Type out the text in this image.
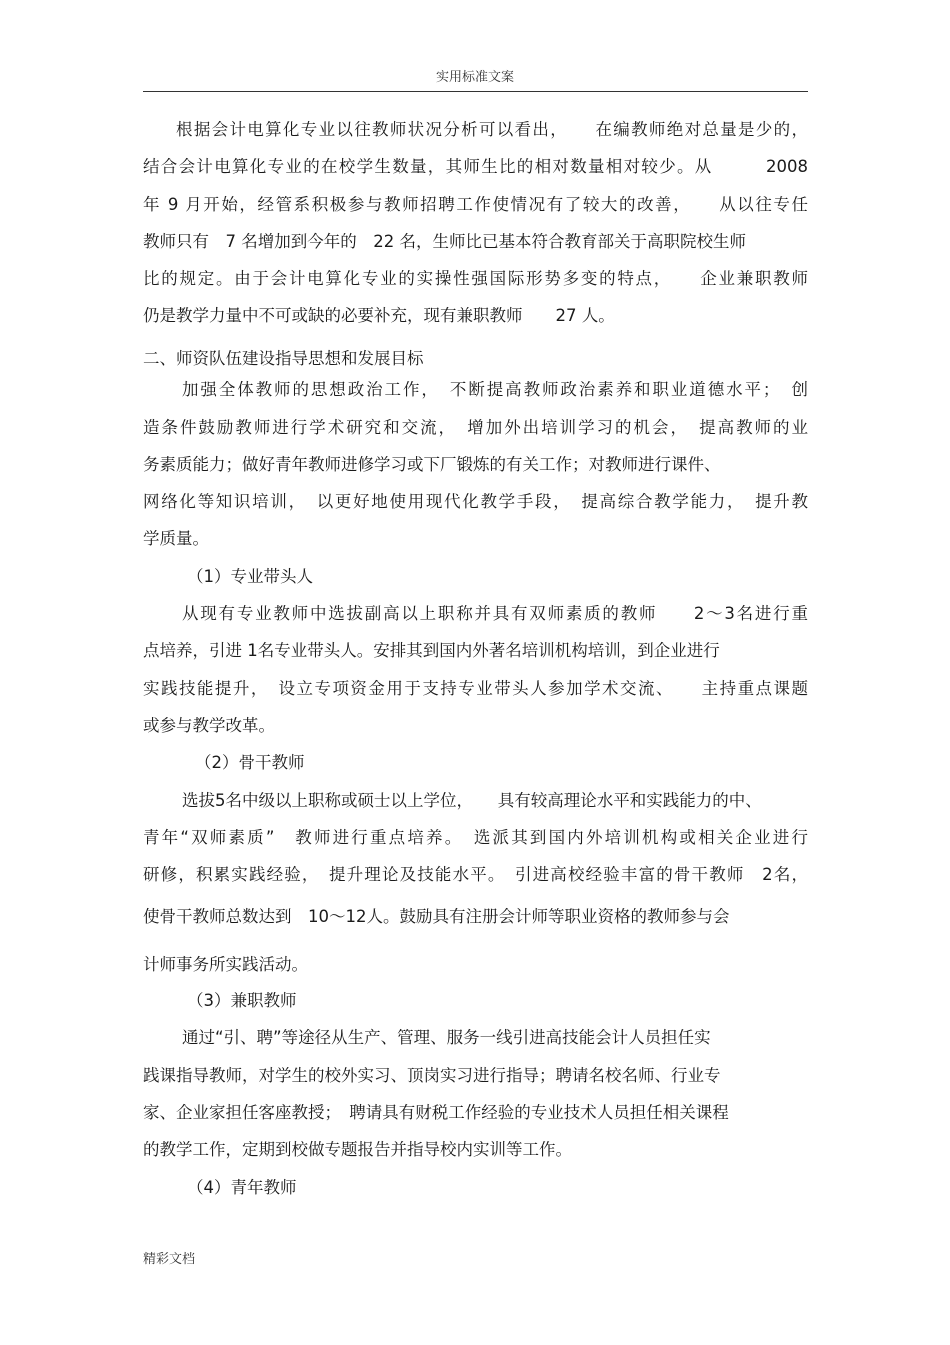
实用标准文案
根据会计电算化专业以往教师状况分析可以看出，　　在编教师绝对总量是少的，
结合会计电算化专业的在校学生数量，其师生比的相对数量相对较少。从　　　2008
年 9 月开始，经管系积极参与教师招聘工作使情况有了较大的改善，　　从以往专任
教师只有　7 名增加到今年的　22 名，生师比已基本符合教育部关于高职院校生师
比的规定。由于会计电算化专业的实操性强国际形势多变的特点，　　企业兼职教师
仍是教学力量中不可或缺的必要补充，现有兼职教师　　27 人。
二、师资队伍建设指导思想和发展目标
加强全体教师的思想政治工作，　不断提高教师政治素养和职业道德水平；　创
造条件鼓励教师进行学术研究和交流，　增加外出培训学习的机会，　提高教师的业
务素质能力；做好青年教师进修学习或下厂锻炼的有关工作；对教师进行课件、
网络化等知识培训，　以更好地使用现代化教学手段，　提高综合教学能力，　提升教
学质量。
（1）专业带头人
从现有专业教师中选拔副高以上职称并具有双师素质的教师　　2～3名进行重
点培养，引进 1名专业带头人。安排其到国内外著名培训机构培训，到企业进行
实践技能提升，　设立专项资金用于支持专业带头人参加学术交流、　　主持重点课题
或参与教学改革。
（2）骨干教师
选拔5名中级以上职称或硕士以上学位，　　具有较高理论水平和实践能力的中、
青年“双师素质”　教师进行重点培养。　选派其到国内外培训机构或相关企业进行
研修，积累实践经验，　提升理论及技能水平。　引进高校经验丰富的骨干教师　2名，
使骨干教师总数达到　10～12人。鼓励具有注册会计师等职业资格的教师参与会
计师事务所实践活动。
（3）兼职教师
通过“引、聘”等途径从生产、管理、服务一线引进高技能会计人员担任实
践课指导教师，对学生的校外实习、顶岗实习进行指导；聘请名校名师、行业专
家、企业家担任客座教授；　聘请具有财税工作经验的专业技术人员担任相关课程
的教学工作，定期到校做专题报告并指导校内实训等工作。
（4）青年教师
精彩文档
